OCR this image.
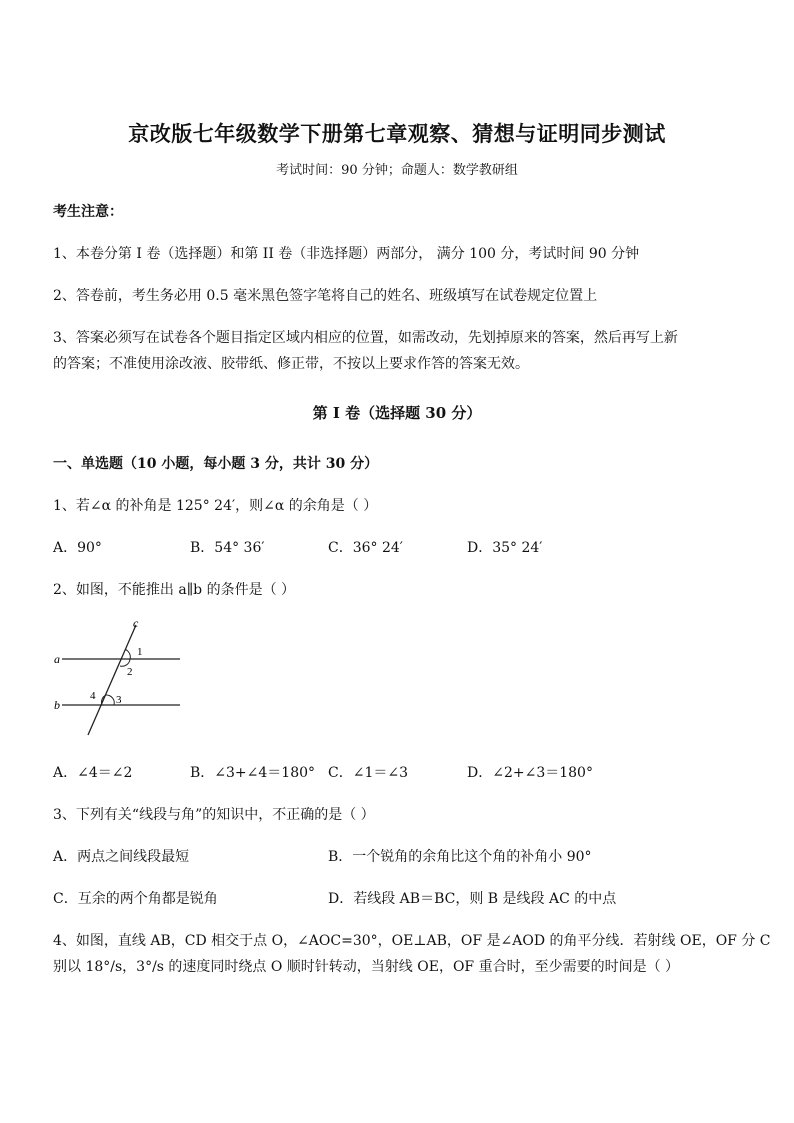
京改版七年级数学下册第七章观察、猜想与证明同步测试
考试时间：90 分钟；命题人：数学教研组
考生注意：
1、本卷分第 I 卷（选择题）和第 II 卷（非选择题）两部分， 满分 100 分，考试时间 90 分钟
2、答卷前，考生务必用 0.5 毫米黑色签字笔将自己的姓名、班级填写在试卷规定位置上
3、答案必须写在试卷各个题目指定区域内相应的位置，如需改动，先划掉原来的答案，然后再写上新
的答案；不准使用涂改液、胶带纸、修正带，不按以上要求作答的答案无效。
第 I 卷（选择题 30 分）
一、单选题（10 小题，每小题 3 分，共计 30 分）
1、若∠α 的补角是 125° 24′，则∠α 的余角是（ ）
A．90°	B．54° 36′	C．36° 24′	D．35° 24′
2、如图，不能推出 a∥b 的条件是（ ）
c
a
b
1
2
3
4
A．∠4＝∠2	B．∠3+∠4＝180° C．∠1＝∠3	D．∠2+∠3＝180°
3、下列有关“线段与角”的知识中，不正确的是（ ）
A．两点之间线段最短	B．一个锐角的余角比这个角的补角小 90°
C．互余的两个角都是锐角	D．若线段 AB＝BC，则 B 是线段 AC 的中点
4、如图，直线 AB，CD 相交于点 O，∠AOC=30°，OE⊥AB，OF 是∠AOD 的角平分线．若射线 OE，OF 分 C
别以 18°/s，3°/s 的速度同时绕点 O 顺时针转动，当射线 OE，OF 重合时，至少需要的时间是（ ）
